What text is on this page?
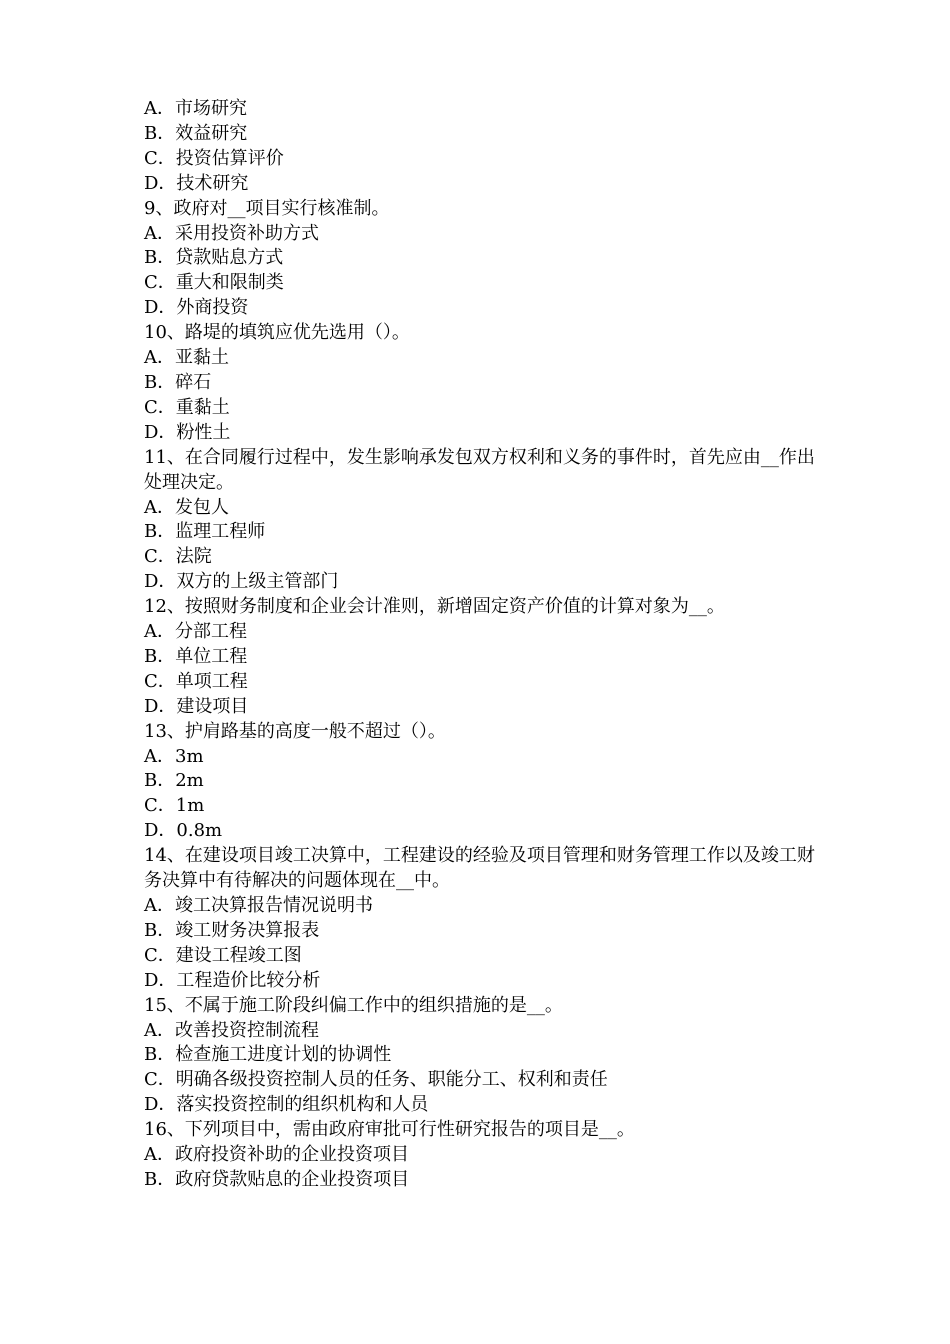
A．市场研究
B．效益研究
C．投资估算评价
D．技术研究
9、政府对__项目实行核准制。
A．采用投资补助方式
B．贷款贴息方式
C．重大和限制类
D．外商投资
10、路堤的填筑应优先选用（）。
A．亚黏土
B．碎石
C．重黏土
D．粉性土
11、在合同履行过程中，发生影响承发包双方权利和义务的事件时，首先应由__作出处理决定。
A．发包人
B．监理工程师
C．法院
D．双方的上级主管部门
12、按照财务制度和企业会计准则，新增固定资产价值的计算对象为__。
A．分部工程
B．单位工程
C．单项工程
D．建设项目
13、护肩路基的高度一般不超过（）。
A．3m
B．2m
C．1m
D．0.8m
14、在建设项目竣工决算中，工程建设的经验及项目管理和财务管理工作以及竣工财务决算中有待解决的问题体现在__中。
A．竣工决算报告情况说明书
B．竣工财务决算报表
C．建设工程竣工图
D．工程造价比较分析
15、不属于施工阶段纠偏工作中的组织措施的是__。
A．改善投资控制流程
B．检查施工进度计划的协调性
C．明确各级投资控制人员的任务、职能分工、权利和责任
D．落实投资控制的组织机构和人员
16、下列项目中，需由政府审批可行性研究报告的项目是__。
A．政府投资补助的企业投资项目
B．政府贷款贴息的企业投资项目
